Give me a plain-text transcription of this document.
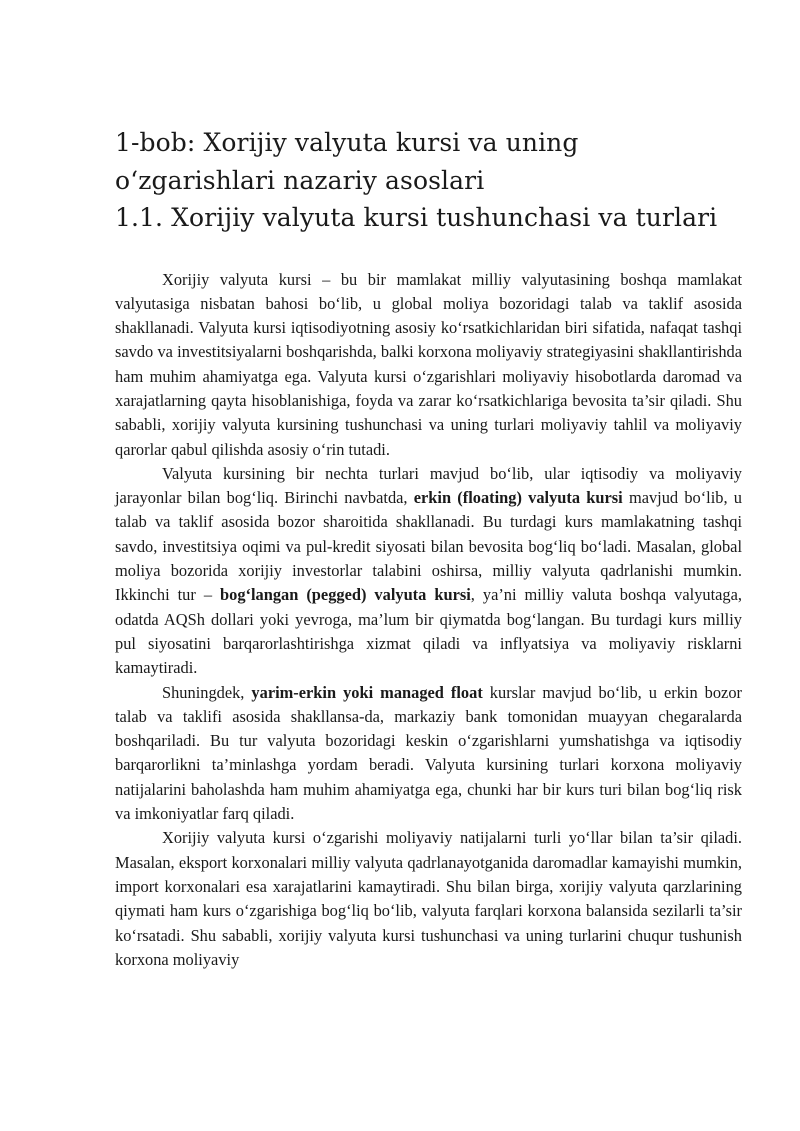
1-bob: Xorijiy valyuta kursi va uning
o‘zgarishlari nazariy asoslari
1.1. Xorijiy valyuta kursi tushunchasi va turlari

Xorijiy valyuta kursi – bu bir mamlakat milliy valyutasining boshqa mamlakat valyutasiga nisbatan bahosi bo‘lib, u global moliya bozoridagi talab va taklif asosida shakllanadi. Valyuta kursi iqtisodiyotning asosiy ko‘rsatkichlaridan biri sifatida, nafaqat tashqi savdo va investitsiyalarni boshqarishda, balki korxona moliyaviy strategiyasini shakllantirishda ham muhim ahamiyatga ega. Valyuta kursi o‘zgarishlari moliyaviy hisobotlarda daromad va xarajatlarning qayta hisoblanishiga, foyda va zarar ko‘rsatkichlariga bevosita ta’sir qiladi. Shu sababli, xorijiy valyuta kursining tushunchasi va uning turlari moliyaviy tahlil va moliyaviy qarorlar qabul qilishda asosiy o‘rin tutadi.

Valyuta kursining bir nechta turlari mavjud bo‘lib, ular iqtisodiy va moliyaviy jarayonlar bilan bog‘liq. Birinchi navbatda, erkin (floating) valyuta kursi mavjud bo‘lib, u talab va taklif asosida bozor sharoitida shakllanadi. Bu turdagi kurs mamlakatning tashqi savdo, investitsiya oqimi va pul-kredit siyosati bilan bevosita bog‘liq bo‘ladi. Masalan, global moliya bozorida xorijiy investorlar talabini oshirsa, milliy valyuta qadrlanishi mumkin. Ikkinchi tur – bog‘langan (pegged) valyuta kursi, ya’ni milliy valuta boshqa valyutaga, odatda AQSh dollari yoki yevroga, ma’lum bir qiymatda bog‘langan. Bu turdagi kurs milliy pul siyosatini barqarorlashtirishga xizmat qiladi va inflyatsiya va moliyaviy risklarni kamaytiradi.

Shuningdek, yarim-erkin yoki managed float kurslar mavjud bo‘lib, u erkin bozor talab va taklifi asosida shakllansa-da, markaziy bank tomonidan muayyan chegaralarda boshqariladi. Bu tur valyuta bozoridagi keskin o‘zgarishlarni yumshatishga va iqtisodiy barqarorlikni ta’minlashga yordam beradi. Valyuta kursining turlari korxona moliyaviy natijalarini baholashda ham muhim ahamiyatga ega, chunki har bir kurs turi bilan bog‘liq risk va imkoniyatlar farq qiladi.

Xorijiy valyuta kursi o‘zgarishi moliyaviy natijalarni turli yo‘llar bilan ta’sir qiladi. Masalan, eksport korxonalari milliy valyuta qadrlanayotganida daromadlar kamayishi mumkin, import korxonalari esa xarajatlarini kamaytiradi. Shu bilan birga, xorijiy valyuta qarzlarining qiymati ham kurs o‘zgarishiga bog‘liq bo‘lib, valyuta farqlari korxona balansida sezilarli ta’sir ko‘rsatadi. Shu sababli, xorijiy valyuta kursi tushunchasi va uning turlarini chuqur tushunish korxona moliyaviy
